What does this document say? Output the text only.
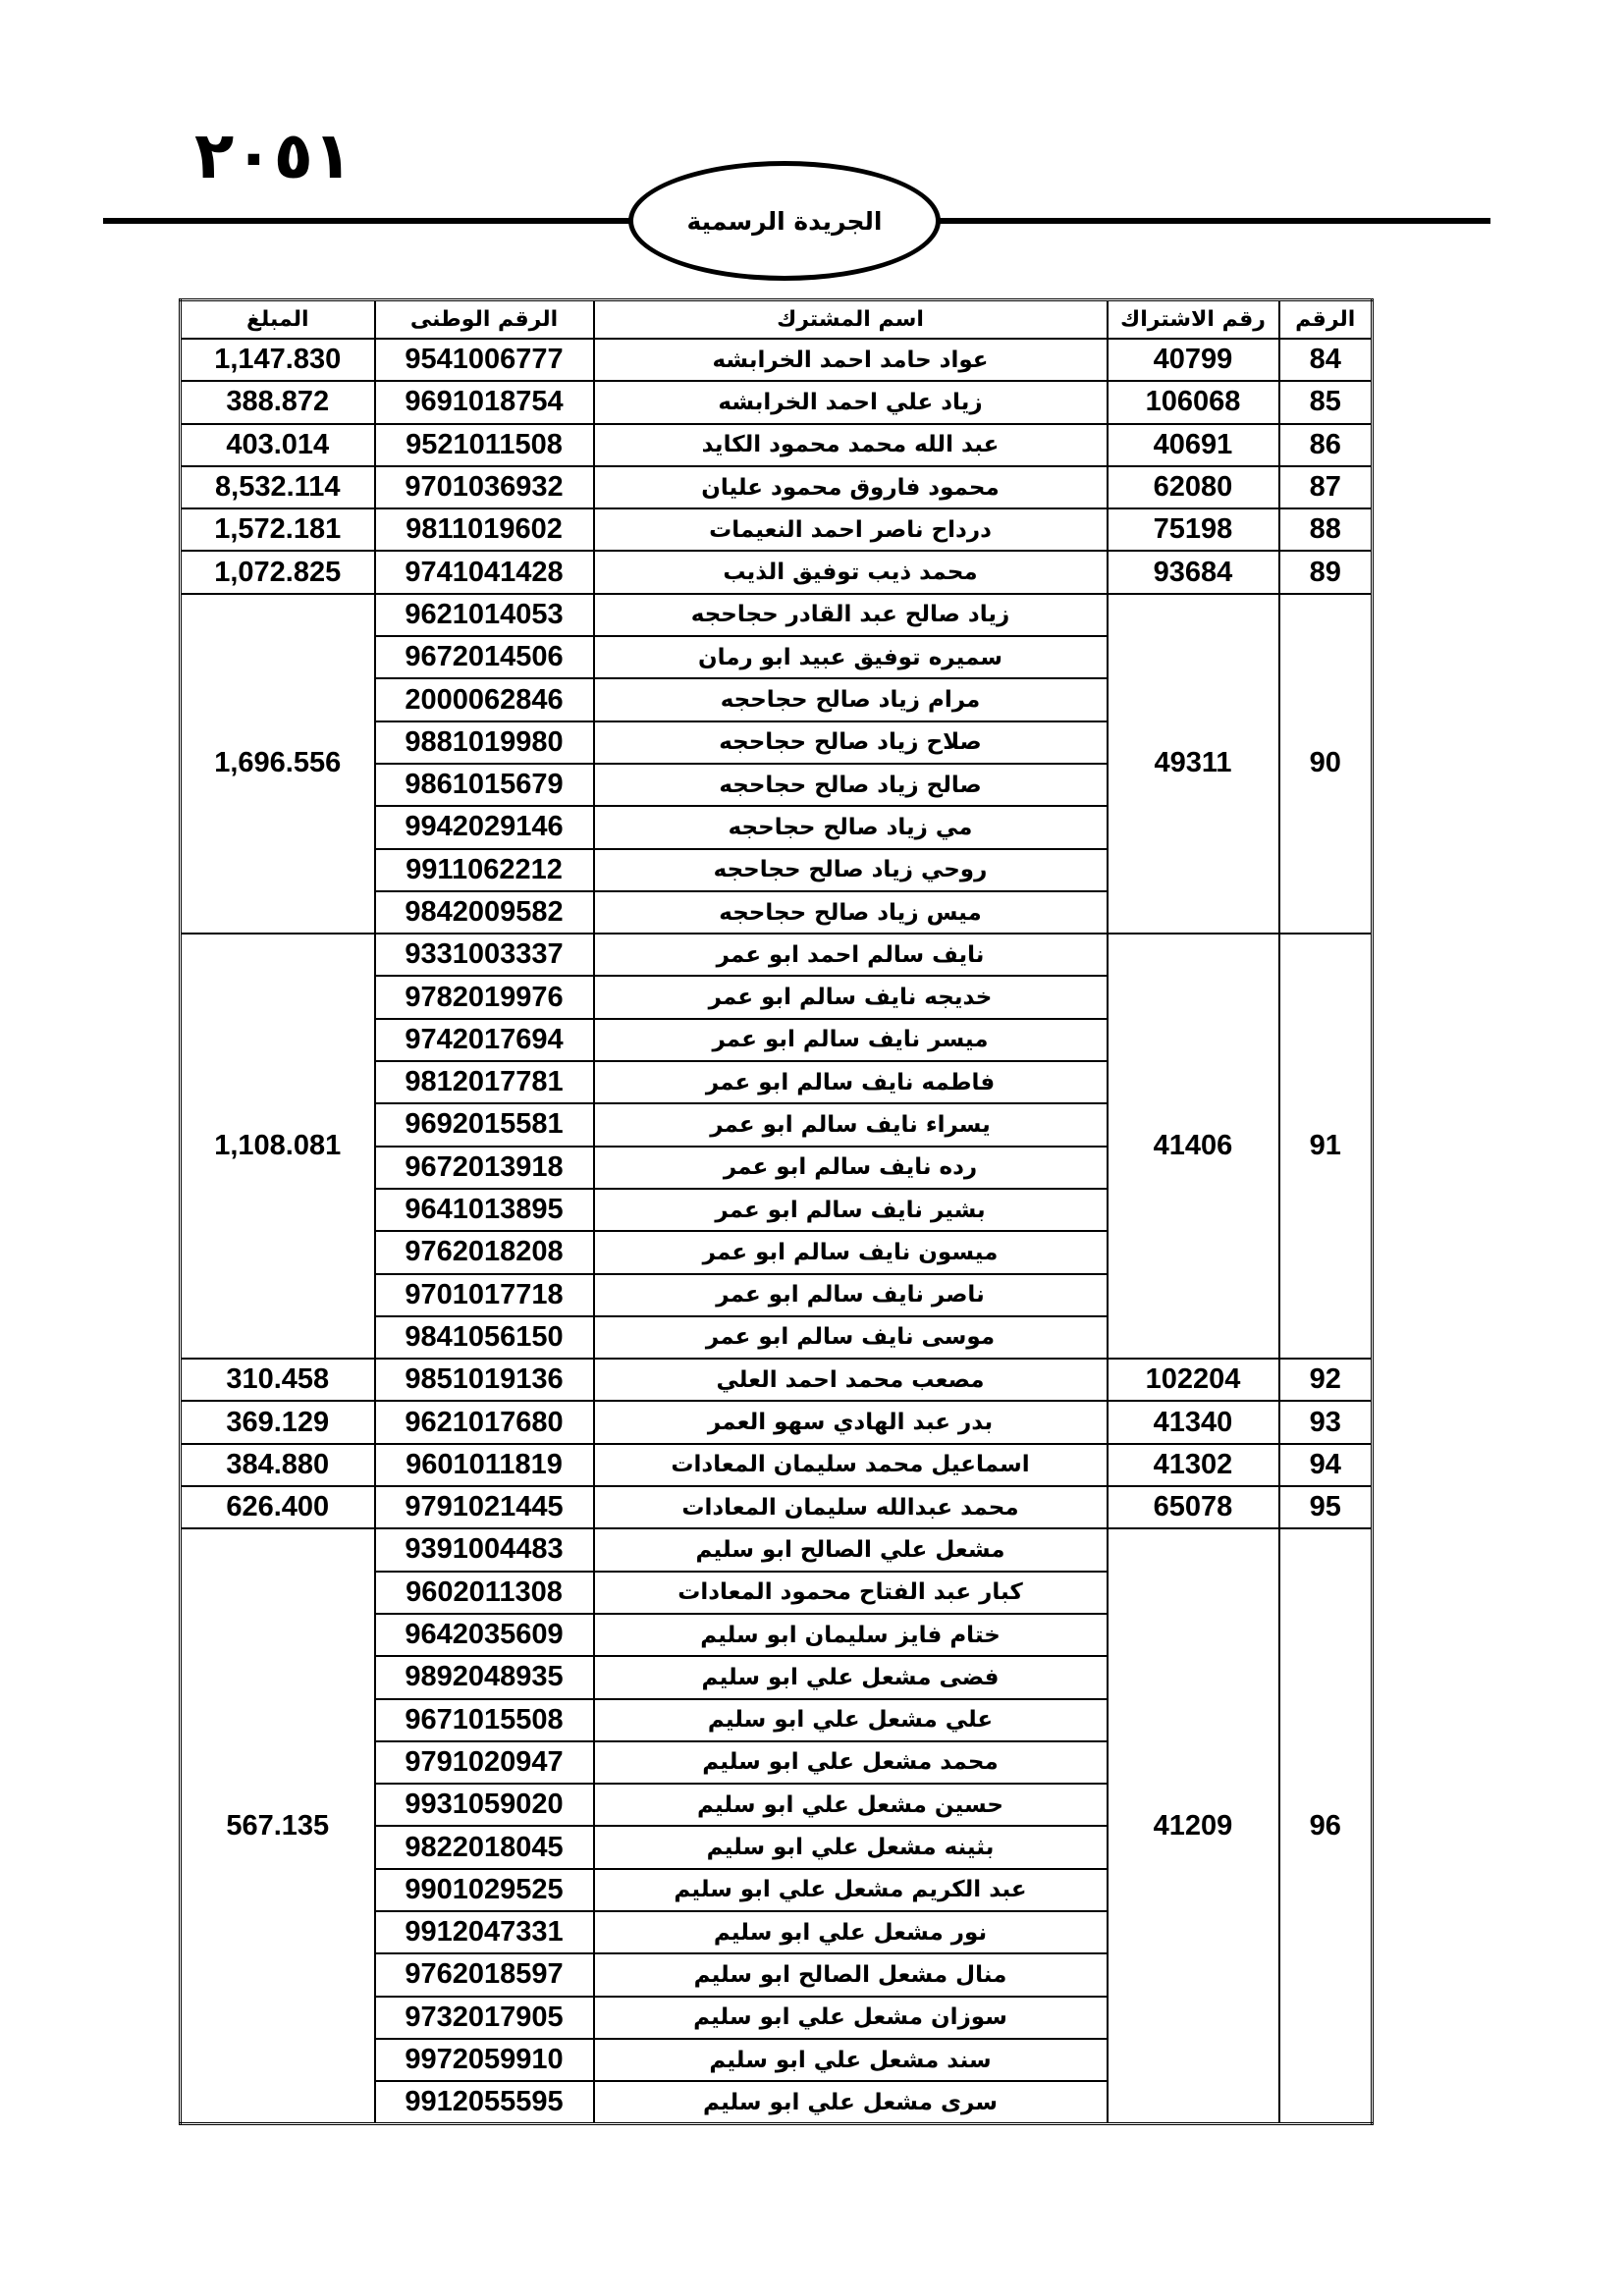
٢٠٥١
الجريدة الرسمية
الرقم	رقم الاشتراك	اسم المشترك	الرقم الوطنى	المبلغ
84	40799	عواد حامد احمد الخرابشه	9541006777	1,147.830
85	106068	زياد علي احمد الخرابشه	9691018754	388.872
86	40691	عبد الله محمد محمود الكايد	9521011508	403.014
87	62080	محمود فاروق محمود عليان	9701036932	8,532.114
88	75198	درداح ناصر احمد النعيمات	9811019602	1,572.181
89	93684	محمد ذيب توفيق الذيب	9741041428	1,072.825
90	49311	زياد صالح عبد القادر حجاحجه	9621014053	1,696.556
		سميره توفيق عبيد ابو رمان	9672014506	
		مرام زياد صالح حجاحجه	2000062846	
		صلاح زياد صالح حجاحجه	9881019980	
		صالح زياد صالح حجاحجه	9861015679	
		مي زياد صالح حجاحجه	9942029146	
		روحي زياد صالح حجاحجه	9911062212	
		ميس زياد صالح حجاحجه	9842009582	
91	41406	نايف سالم احمد ابو عمر	9331003337	1,108.081
		خديجه نايف سالم ابو عمر	9782019976	
		ميسر نايف سالم ابو عمر	9742017694	
		فاطمه نايف سالم ابو عمر	9812017781	
		يسراء نايف سالم ابو عمر	9692015581	
		رده نايف سالم ابو عمر	9672013918	
		بشير نايف سالم ابو عمر	9641013895	
		ميسون نايف سالم ابو عمر	9762018208	
		ناصر نايف سالم ابو عمر	9701017718	
		موسى نايف سالم ابو عمر	9841056150	
92	102204	مصعب محمد احمد العلي	9851019136	310.458
93	41340	بدر عبد الهادي سهو العمر	9621017680	369.129
94	41302	اسماعيل محمد سليمان المعادات	9601011819	384.880
95	65078	محمد عبدالله سليمان المعادات	9791021445	626.400
96	41209	مشعل علي الصالح ابو سليم	9391004483	567.135
		كبار عبد الفتاح محمود المعادات	9602011308	
		ختام فايز سليمان ابو سليم	9642035609	
		فضى مشعل علي ابو سليم	9892048935	
		علي مشعل علي ابو سليم	9671015508	
		محمد مشعل علي ابو سليم	9791020947	
		حسين مشعل علي ابو سليم	9931059020	
		بثينه مشعل علي ابو سليم	9822018045	
		عبد الكريم مشعل علي ابو سليم	9901029525	
		نور مشعل علي ابو سليم	9912047331	
		منال مشعل الصالح ابو سليم	9762018597	
		سوزان مشعل علي ابو سليم	9732017905	
		سند مشعل علي ابو سليم	9972059910	
		سرى مشعل علي ابو سليم	9912055595	
